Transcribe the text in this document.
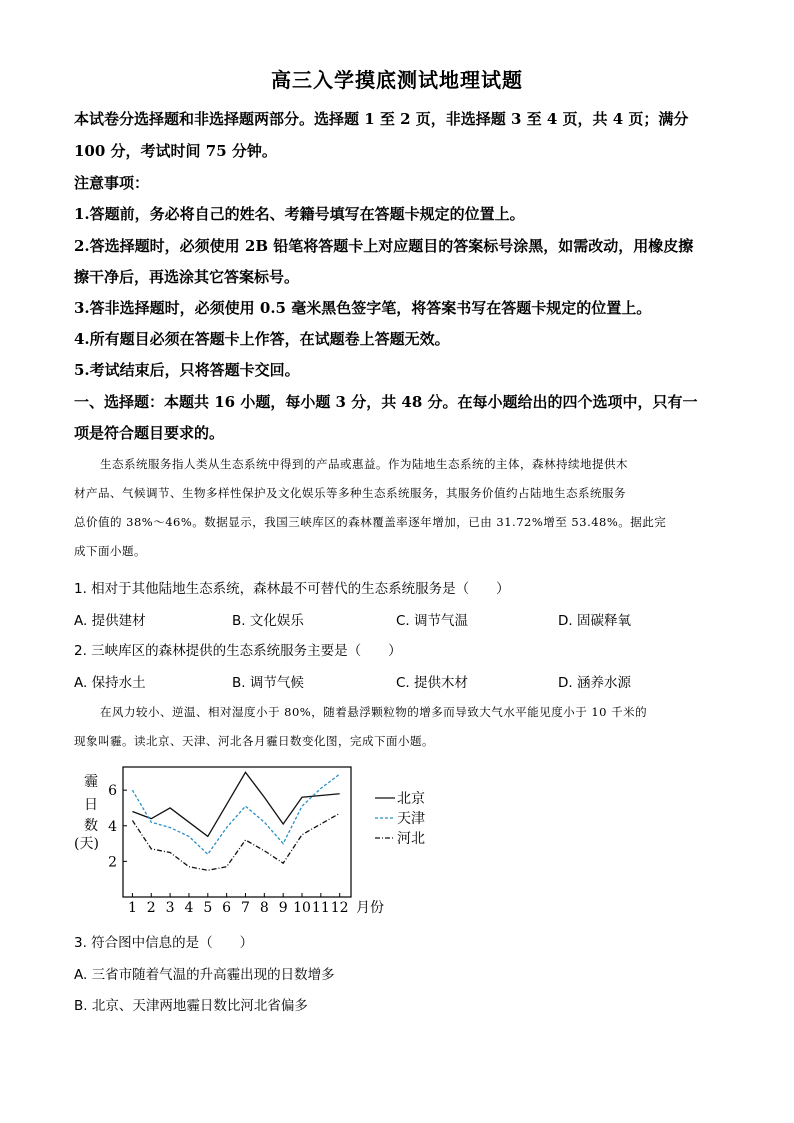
高三入学摸底测试地理试题
本试卷分选择题和非选择题两部分。选择题 1 至 2 页，非选择题 3 至 4 页，共 4 页；满分
100 分，考试时间 75 分钟。
注意事项：
1.答题前，务必将自己的姓名、考籍号填写在答题卡规定的位置上。
2.答选择题时，必须使用 2B 铅笔将答题卡上对应题目的答案标号涂黑，如需改动，用橡皮擦
擦干净后，再选涂其它答案标号。
3.答非选择题时，必须使用 0.5 毫米黑色签字笔，将答案书写在答题卡规定的位置上。
4.所有题目必须在答题卡上作答，在试题卷上答题无效。
5.考试结束后，只将答题卡交回。
一、选择题：本题共 16 小题，每小题 3 分，共 48 分。在每小题给出的四个选项中，只有一
项是符合题目要求的。
生态系统服务指人类从生态系统中得到的产品或惠益。作为陆地生态系统的主体，森林持续地提供木
材产品、气候调节、生物多样性保护及文化娱乐等多种生态系统服务，其服务价值约占陆地生态系统服务
总价值的 38%～46%。数据显示，我国三峡库区的森林覆盖率逐年增加，已由 31.72%增至 53.48%。据此完
成下面小题。
1. 相对于其他陆地生态系统，森林最不可替代的生态系统服务是（　　）
A. 提供建材	B. 文化娱乐	C. 调节气温	D. 固碳释氧
2. 三峡库区的森林提供的生态系统服务主要是（　　）
A. 保持水土	B. 调节气候	C. 提供木材	D. 涵养水源
在风力较小、逆温、相对湿度小于 80%，随着悬浮颗粒物的增多而导致大气水平能见度小于 10 千米的
现象叫霾。读北京、天津、河北各月霾日数变化图，完成下面小题。
1 2 3 4 5 6 7 8 9 10 11 12
2
4
6
霾
日
数
(天)
月份
北京
天津
河北
3. 符合图中信息的是（　　）
A. 三省市随着气温的升高霾出现的日数增多
B. 北京、天津两地霾日数比河北省偏多
